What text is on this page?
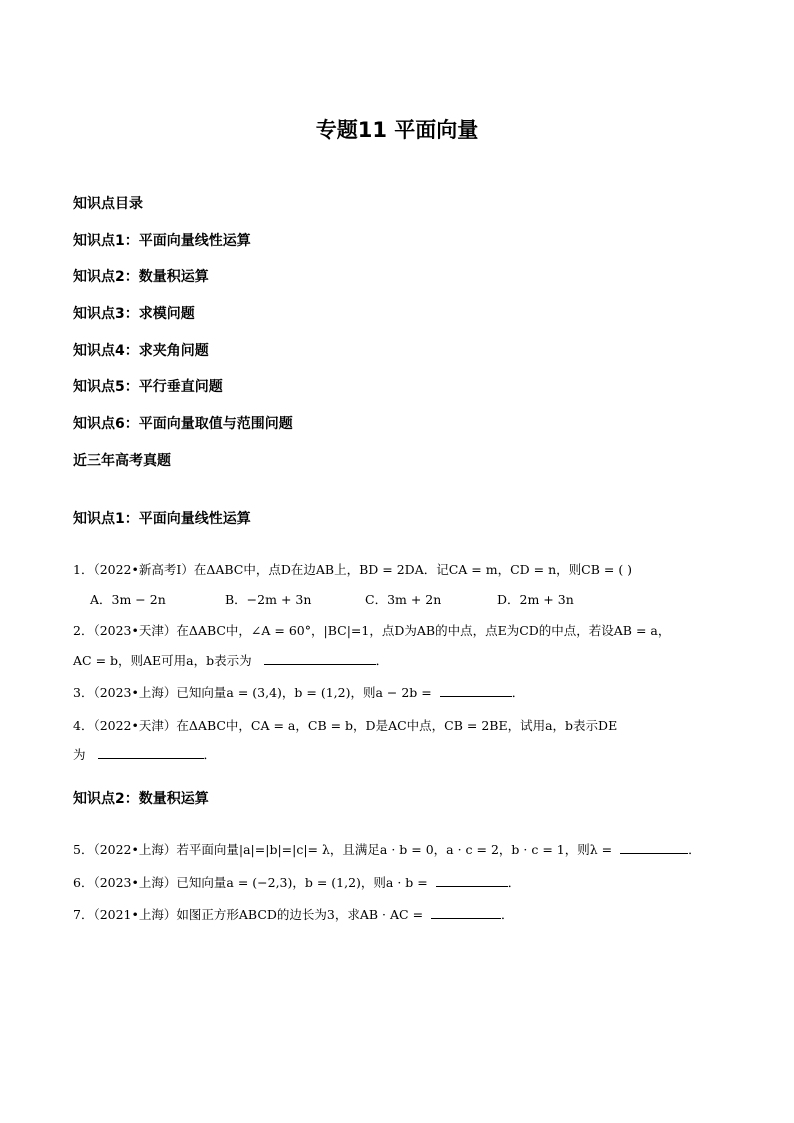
专题11 平面向量
知识点目录
知识点1：平面向量线性运算
知识点2：数量积运算
知识点3：求模问题
知识点4：求夹角问题
知识点5：平行垂直问题
知识点6：平面向量取值与范围问题
近三年高考真题
知识点1：平面向量线性运算
1．（2022•新高考Ⅰ）在ΔABC中，点D在边AB上，BD = 2DA．记CA = m，CD = n，则CB = ( )
A．3m − 2n	B．−2m + 3n	C．3m + 2n	D．2m + 3n
2．（2023•天津）在ΔABC中，∠A = 60°，|BC|=1，点D为AB的中点，点E为CD的中点，若设AB = a，
AC = b，则AE可用a，b表示为	．
3．（2023•上海）已知向量a = (3,4)，b = (1,2)，则a − 2b =	．
4．（2022•天津）在ΔABC中，CA = a，CB = b，D是AC中点，CB = 2BE，试用a，b表示DE
为	．
知识点2：数量积运算
5．（2022•上海）若平面向量|a|=|b|=|c|= λ，且满足a · b = 0，a · c = 2，b · c = 1，则λ =	．
6．（2023•上海）已知向量a = (−2,3)，b = (1,2)，则a · b =	．
7．（2021•上海）如图正方形ABCD的边长为3，求AB · AC =	．
